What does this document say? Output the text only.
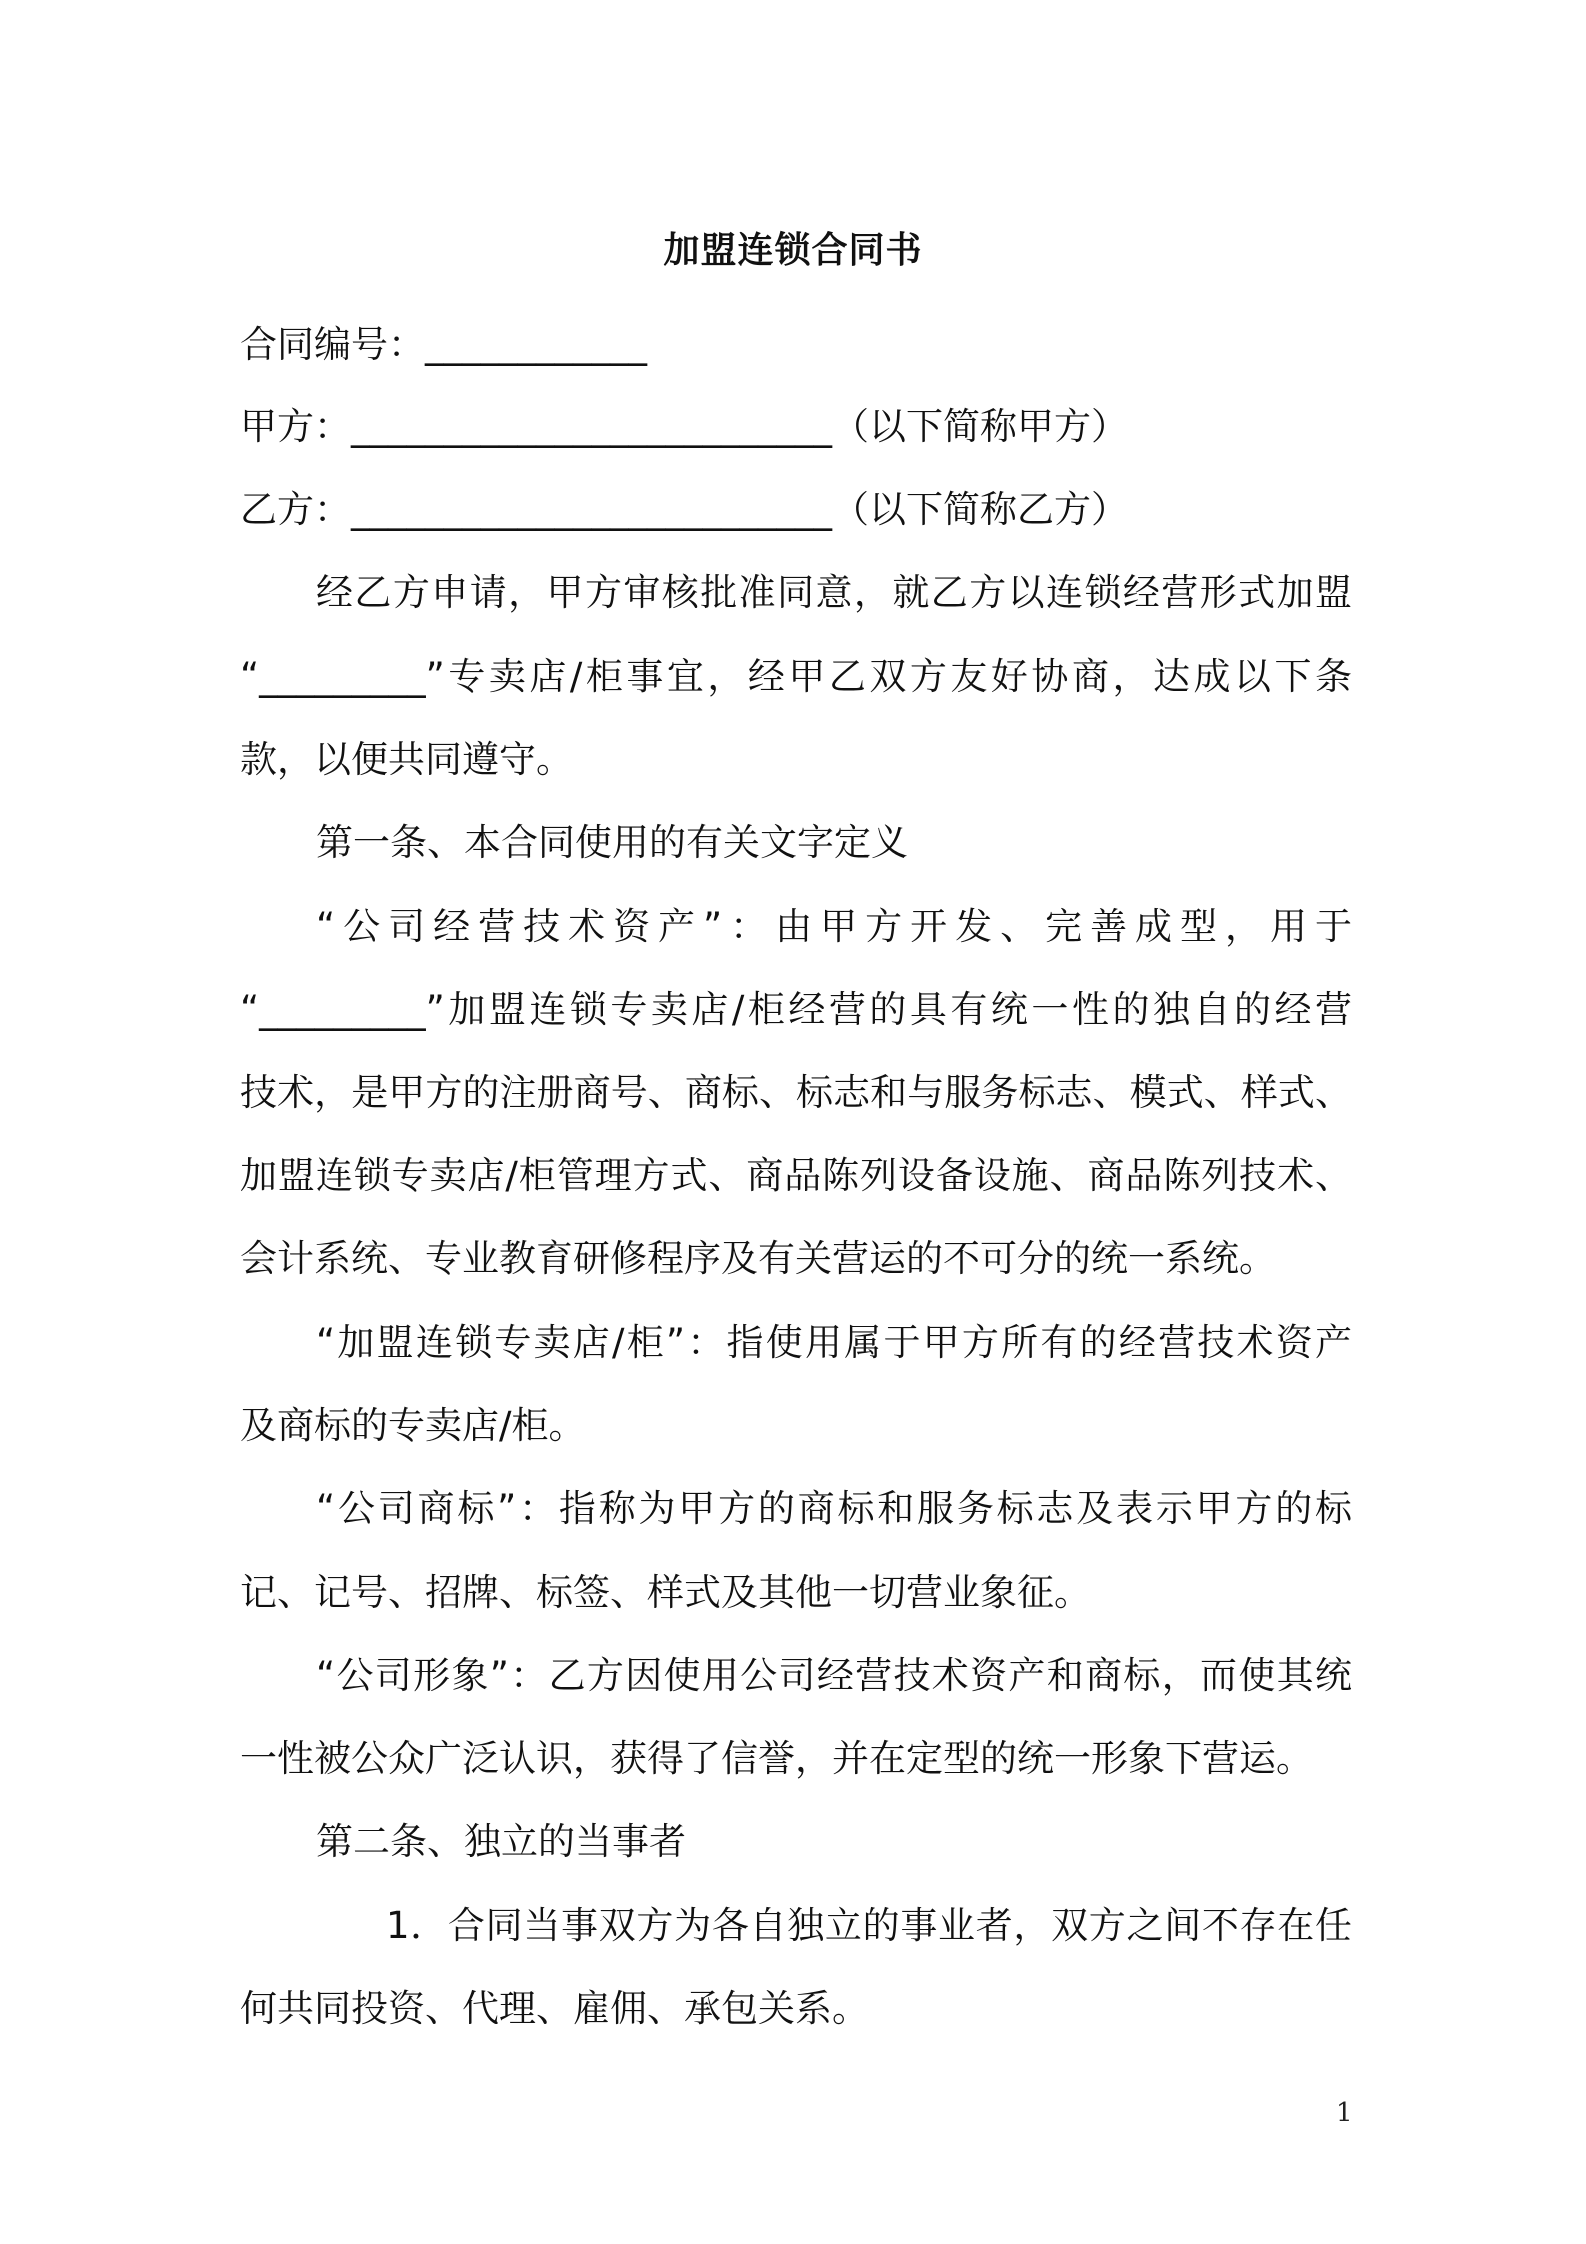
加盟连锁合同书
合同编号：____________
甲方：__________________________（以下简称甲方）
乙方：__________________________（以下简称乙方）
经乙方申请，甲方审核批准同意，就乙方以连锁经营形式加盟
“_________”专卖店/柜事宜，经甲乙双方友好协商，达成以下条
款，以便共同遵守。
第一条、本合同使用的有关文字定义
“公司经营技术资产”：由甲方开发、完善成型，用于
“_________”加盟连锁专卖店/柜经营的具有统一性的独自的经营
技术，是甲方的注册商号、商标、标志和与服务标志、模式、样式、
加盟连锁专卖店/柜管理方式、商品陈列设备设施、商品陈列技术、
会计系统、专业教育研修程序及有关营运的不可分的统一系统。
“加盟连锁专卖店/柜”：指使用属于甲方所有的经营技术资产
及商标的专卖店/柜。
“公司商标”：指称为甲方的商标和服务标志及表示甲方的标
记、记号、招牌、标签、样式及其他一切营业象征。
“公司形象”：乙方因使用公司经营技术资产和商标，而使其统
一性被公众广泛认识，获得了信誉，并在定型的统一形象下营运。
第二条、独立的当事者
1．合同当事双方为各自独立的事业者，双方之间不存在任
何共同投资、代理、雇佣、承包关系。
1
